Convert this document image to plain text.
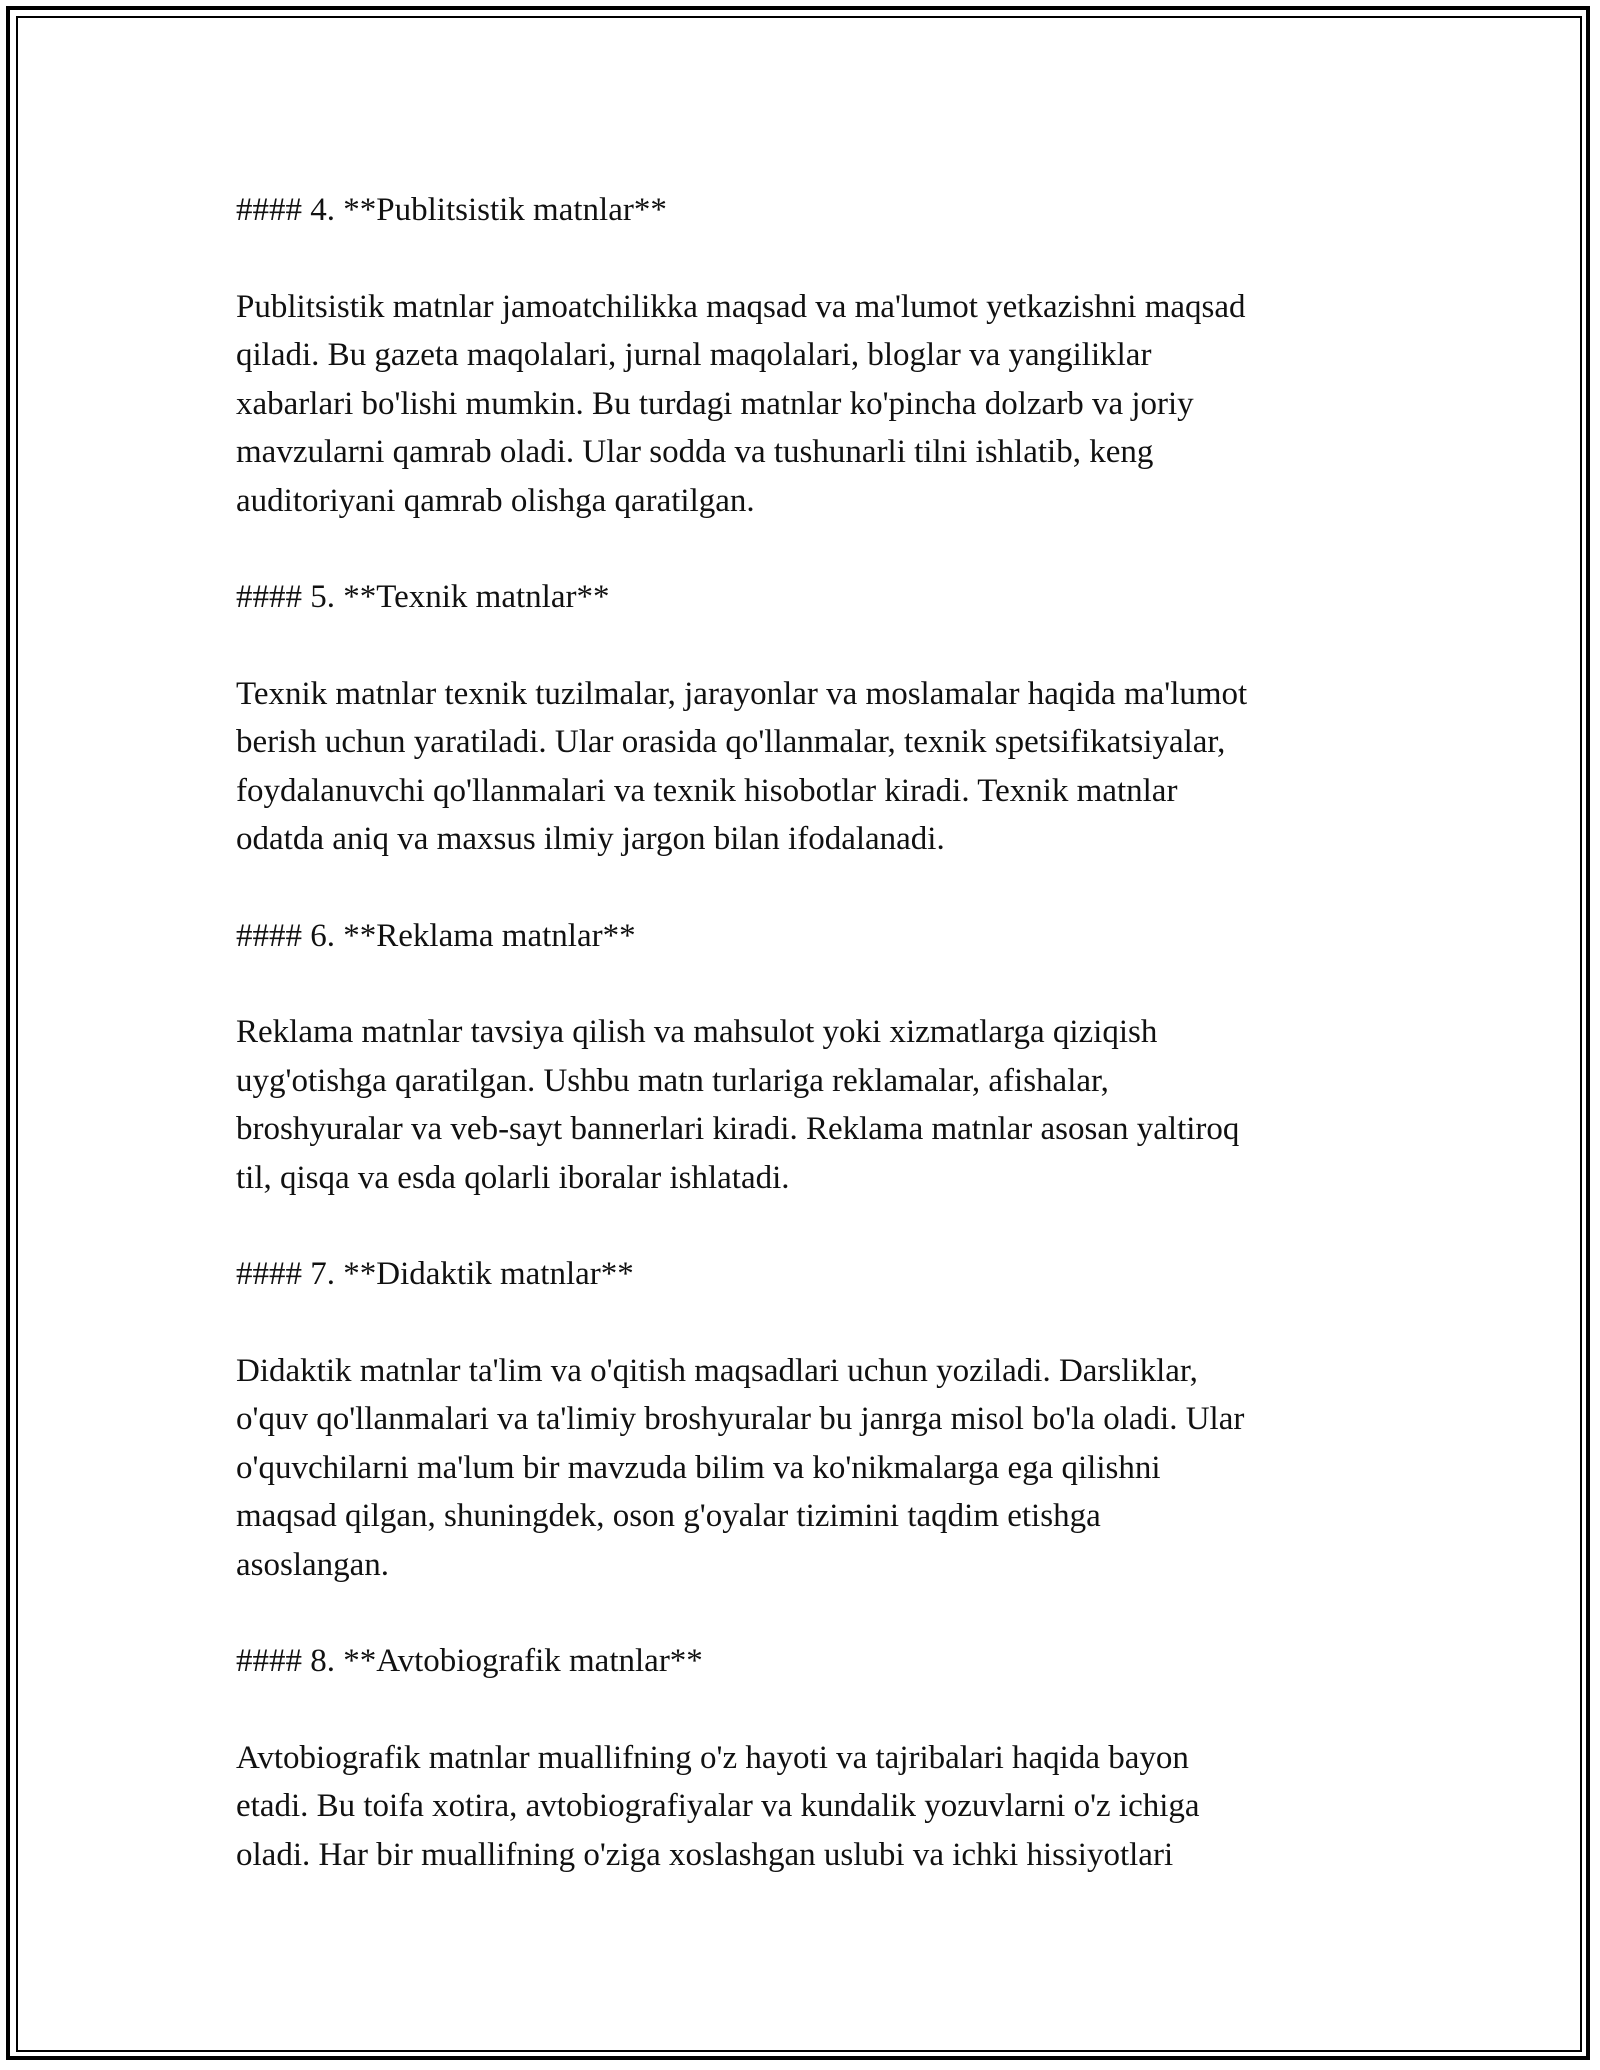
#### 4. **Publitsistik matnlar**

Publitsistik matnlar jamoatchilikka maqsad va ma'lumot yetkazishni maqsad
qiladi. Bu gazeta maqolalari, jurnal maqolalari, bloglar va yangiliklar
xabarlari bo'lishi mumkin. Bu turdagi matnlar ko'pincha dolzarb va joriy
mavzularni qamrab oladi. Ular sodda va tushunarli tilni ishlatib, keng
auditoriyani qamrab olishga qaratilgan.

#### 5. **Texnik matnlar**

Texnik matnlar texnik tuzilmalar, jarayonlar va moslamalar haqida ma'lumot
berish uchun yaratiladi. Ular orasida qo'llanmalar, texnik spetsifikatsiyalar,
foydalanuvchi qo'llanmalari va texnik hisobotlar kiradi. Texnik matnlar
odatda aniq va maxsus ilmiy jargon bilan ifodalanadi.

#### 6. **Reklama matnlar**

Reklama matnlar tavsiya qilish va mahsulot yoki xizmatlarga qiziqish
uyg'otishga qaratilgan. Ushbu matn turlariga reklamalar, afishalar,
broshyuralar va veb-sayt bannerlari kiradi. Reklama matnlar asosan yaltiroq
til, qisqa va esda qolarli iboralar ishlatadi.

#### 7. **Didaktik matnlar**

Didaktik matnlar ta'lim va o'qitish maqsadlari uchun yoziladi. Darsliklar,
o'quv qo'llanmalari va ta'limiy broshyuralar bu janrga misol bo'la oladi. Ular
o'quvchilarni ma'lum bir mavzuda bilim va ko'nikmalarga ega qilishni
maqsad qilgan, shuningdek, oson g'oyalar tizimini taqdim etishga
asoslangan.

#### 8. **Avtobiografik matnlar**

Avtobiografik matnlar muallifning o'z hayoti va tajribalari haqida bayon
etadi. Bu toifa xotira, avtobiografiyalar va kundalik yozuvlarni o'z ichiga
oladi. Har bir muallifning o'ziga xoslashgan uslubi va ichki hissiyotlari
